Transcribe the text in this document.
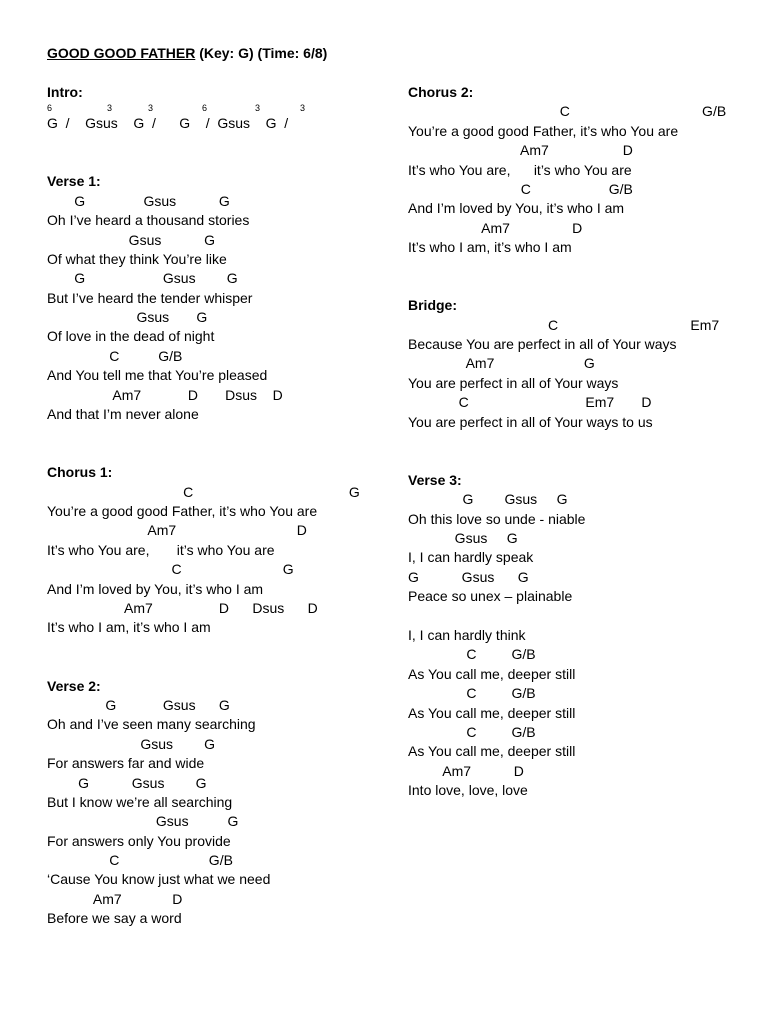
GOOD GOOD FATHER (Key: G) (Time: 6/8)
Intro:

6

	3

	3

	6

	3

	3

G  /    Gsus    G  /      G    /  Gsus    G  /
Verse 1:
G               Gsus           G
Oh I’ve heard a thousand stories
Gsus           G
Of what they think You’re like
G                    Gsus        G
But I’ve heard the tender whisper
Gsus       G
Of love in the dead of night
C          G/B
And You tell me that You’re pleased
Am7            D       Dsus    D
And that I’m never alone
Chorus 1:
C                                        G
You’re a good good Father, it’s who You are
Am7                               D
It’s who You are,       it’s who You are
C                          G
And I’m loved by You, it’s who I am
Am7                 D      Dsus      D
It’s who I am, it’s who I am
Verse 2:
G            Gsus      G
Oh and I’ve seen many searching
Gsus        G
For answers far and wide
G           Gsus        G
But I know we’re all searching
Gsus          G
For answers only You provide
C                       G/B
‘Cause You know just what we need
Am7             D
Before we say a word
Chorus 2:
C                                  G/B
You’re a good good Father, it’s who You are
Am7                   D
It’s who You are,      it’s who You are
C                    G/B
And I’m loved by You, it’s who I am
Am7                D
It’s who I am, it’s who I am
Bridge:
C                                  Em7
Because You are perfect in all of Your ways
Am7                       G
You are perfect in all of Your ways
C                              Em7       D
You are perfect in all of Your ways to us
Verse 3:
G        Gsus     G
Oh this love so unde - niable
Gsus     G
I, I can hardly speak
G           Gsus      G
Peace so unex – plainable
I, I can hardly think
C         G/B
As You call me, deeper still
C         G/B
As You call me, deeper still
C         G/B
As You call me, deeper still
Am7           D
Into love, love, love
